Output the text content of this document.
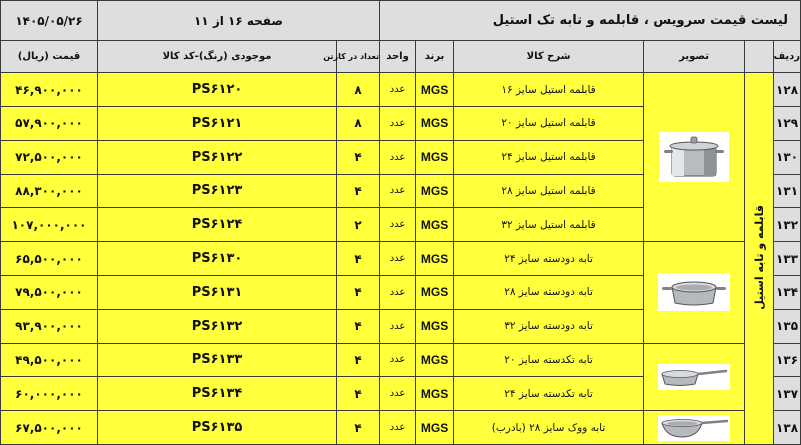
لیست قیمت سرویس ، قابلمه و تابه تک استیل						صفحه ۱۶ از ۱۱		۱۴۰۵/۰۵/۲۶
ردیف		تصویر	شرح کالا	برند	واحد	تعداد در کارتن	موجودی (رنگ)-کد کالا	قیمت (ریال)
۱۲۸	قابلمه و تابه استیل		قابلمه استیل سایز ۱۶	MGS	عدد	۸	PS۶۱۲۰	۴۶,۹۰۰,۰۰۰
۱۲۹			قابلمه استیل سایز ۲۰	MGS	عدد	۸	PS۶۱۲۱	۵۷,۹۰۰,۰۰۰
۱۳۰			قابلمه استیل سایز ۲۴	MGS	عدد	۴	PS۶۱۲۲	۷۲,۵۰۰,۰۰۰
۱۳۱			قابلمه استیل سایز ۲۸	MGS	عدد	۴	PS۶۱۲۳	۸۸,۳۰۰,۰۰۰
۱۳۲			قابلمه استیل سایز ۳۲	MGS	عدد	۲	PS۶۱۲۴	۱۰۷,۰۰۰,۰۰۰
۱۳۳			تابه دودسته سایز ۲۴	MGS	عدد	۴	PS۶۱۳۰	۶۵,۵۰۰,۰۰۰
۱۳۴			تابه دودسته سایز ۲۸	MGS	عدد	۴	PS۶۱۳۱	۷۹,۵۰۰,۰۰۰
۱۳۵			تابه دودسته سایز ۳۲	MGS	عدد	۴	PS۶۱۳۲	۹۳,۹۰۰,۰۰۰
۱۳۶			تابه تکدسته سایز ۲۰	MGS	عدد	۴	PS۶۱۳۳	۴۹,۵۰۰,۰۰۰
۱۳۷			تابه تکدسته سایز ۲۴	MGS	عدد	۴	PS۶۱۳۴	۶۰,۰۰۰,۰۰۰
۱۳۸			تابه ووک سایز ۲۸ (بادرب)	MGS	عدد	۴	PS۶۱۳۵	۶۷,۵۰۰,۰۰۰
